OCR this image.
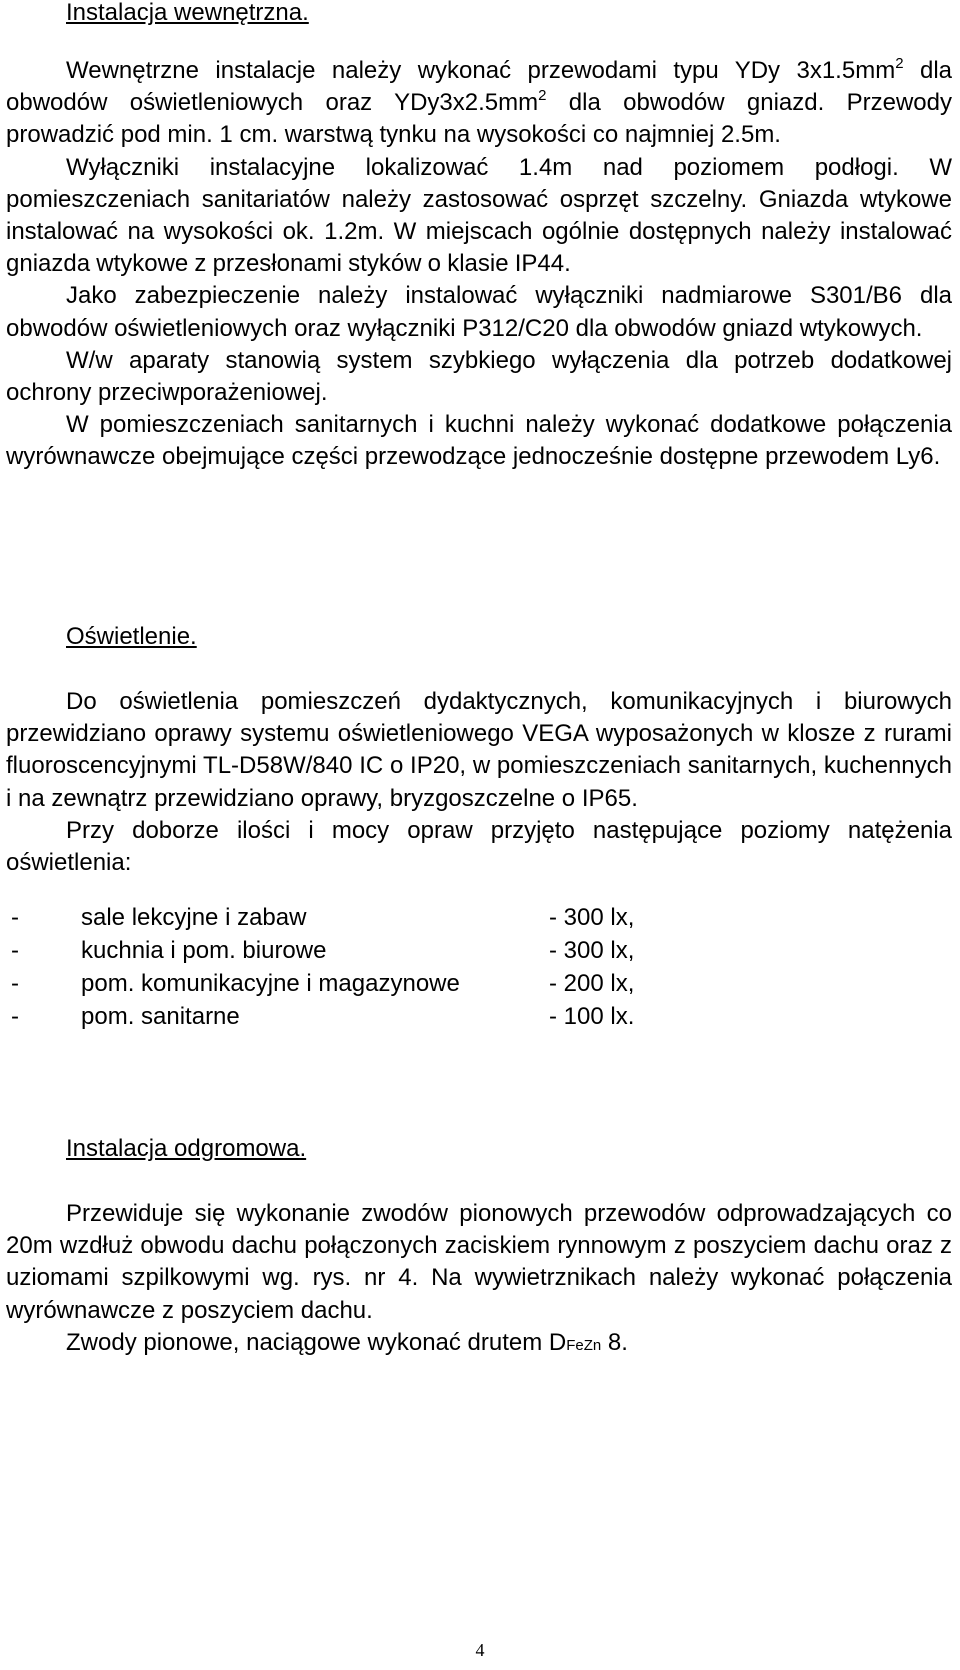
Instalacja wewnętrzna.

Wewnętrzne instalacje należy wykonać przewodami typu YDy $3x1.5mm^2$ dla obwodów oświetleniowych oraz $YDy3x2.5mm^2$ dla obwodów gniazd. Przewody prowadzić pod min. 1 cm. warstwą tynku na wysokości co najmniej 2.5m.

Wyłączniki instalacyjne lokalizować 1.4m nad poziomem podłogi. W pomieszczeniach sanitariatów należy zastosować osprzęt szczelny. Gniazda wtykowe instalować na wysokości ok. 1.2m. W miejscach ogólnie dostępnych należy instalować gniazda wtykowe z przesłonami styków o klasie IP44.

Jako zabezpieczenie należy instalować wyłączniki nadmiarowe S301/B6 dla obwodów oświetleniowych oraz wyłączniki P312/C20 dla obwodów gniazd wtykowych.

W/w aparaty stanowią system szybkiego wyłączenia dla potrzeb dodatkowej ochrony przeciwporażeniowej.

W pomieszczeniach sanitarnych i kuchni należy wykonać dodatkowe połączenia wyrównawcze obejmujące części przewodzące jednocześnie dostępne przewodem Ly6.

Oświetlenie.

Do oświetlenia pomieszczeń dydaktycznych, komunikacyjnych i biurowych przewidziano oprawy systemu oświetleniowego VEGA wyposażonych w klosze z rurami fluoroscencyjnymi TL-D58W/840 IC o IP20, w pomieszczeniach sanitarnych, kuchennych i na zewnątrz przewidziano oprawy, bryzgoszczelne o IP65.

Przy doborze ilości i mocy opraw przyjęto następujące poziomy natężenia oświetlenia:

-	sale lekcyjne i zabaw	- 300 lx,
-	kuchnia i pom. biurowe	- 300 lx,
-	pom. komunikacyjne i magazynowe	- 200 lx,
-	pom. sanitarne	- 100 lx.
Instalacja odgromowa.

Przewiduje się wykonanie zwodów pionowych przewodów odprowadzających co 20m wzdłuż obwodu dachu połączonych zaciskiem rynnowym z poszyciem dachu oraz z uziomami szpilkowymi wg. rys. nr 4. Na wywietrznikach należy wykonać połączenia wyrównawcze z poszyciem dachu.

Zwody pionowe, naciągowe wykonać drutem DFeZn 8.

4
